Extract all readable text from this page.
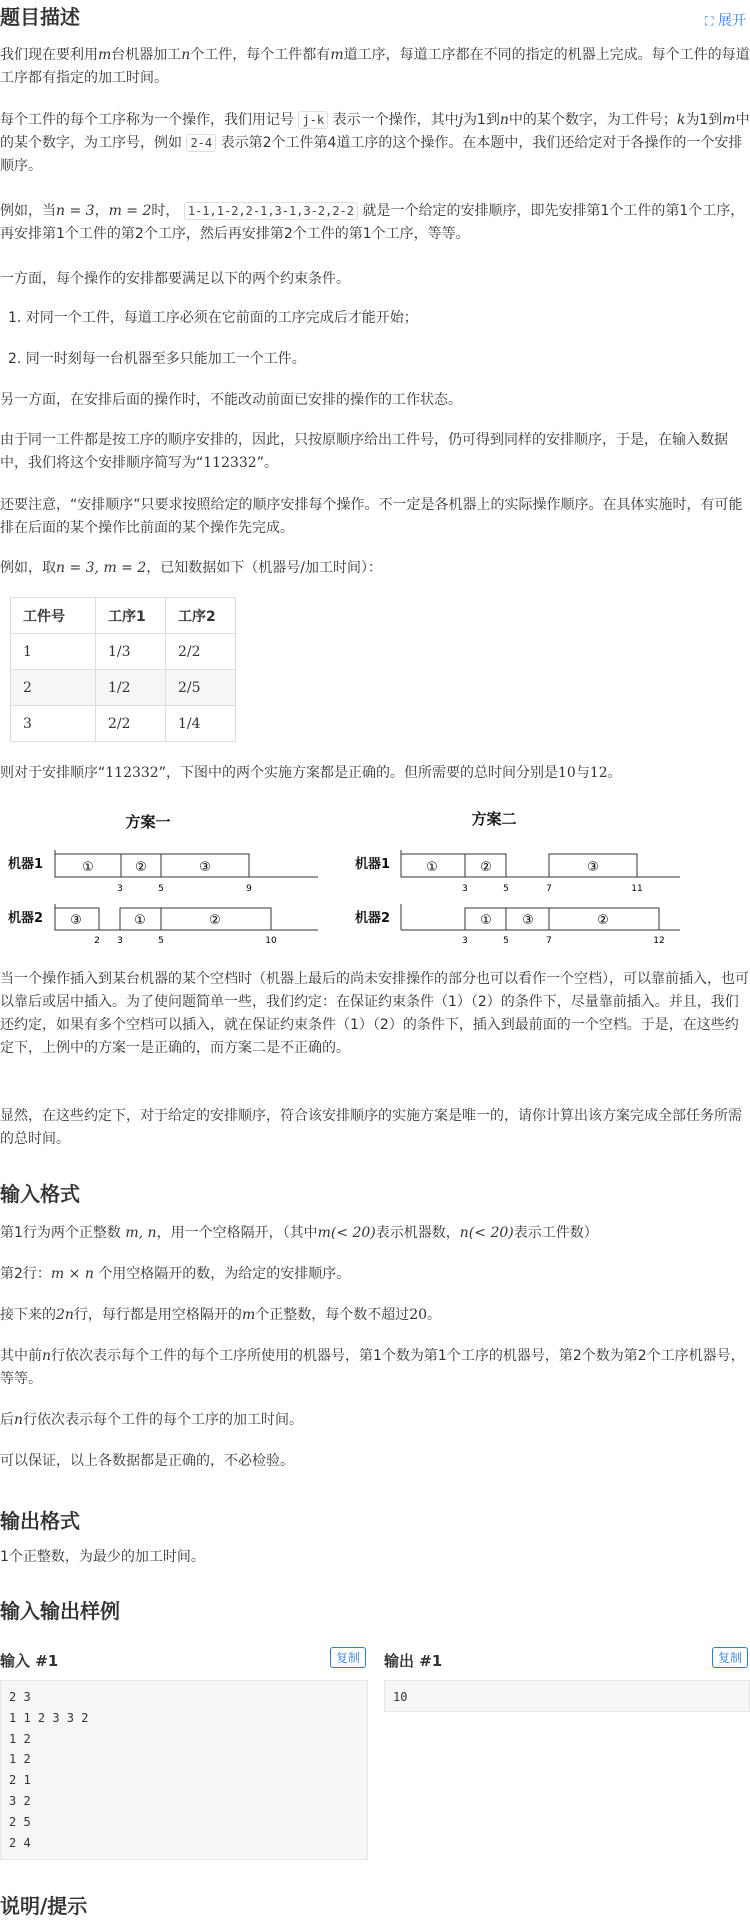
题目描述	⛶ 展开

我们现在要利用m台机器加工n个工件，每个工件都有m道工序，每道工序都在不同的指定的机器上完成。每个工件的每道工序都有指定的加工时间。

每个工件的每个工序称为一个操作，我们用记号 j-k 表示一个操作，其中j为1到n中的某个数字，为工件号；k为1到m中的某个数字，为工序号，例如 2-4 表示第2个工件第4道工序的这个操作。在本题中，我们还给定对于各操作的一个安排顺序。

例如，当n = 3，m = 2时， 1-1,1-2,2-1,3-1,3-2,2-2 就是一个给定的安排顺序，即先安排第1个工件的第1个工序，再安排第1个工件的第2个工序，然后再安排第2个工件的第1个工序，等等。

一方面，每个操作的安排都要满足以下的两个约束条件。

1. 对同一个工件，每道工序必须在它前面的工序完成后才能开始；

2. 同一时刻每一台机器至多只能加工一个工件。

另一方面，在安排后面的操作时，不能改动前面已安排的操作的工作状态。

由于同一工件都是按工序的顺序安排的，因此，只按原顺序给出工件号，仍可得到同样的安排顺序，于是，在输入数据中，我们将这个安排顺序简写为“112332”。

还要注意，“安排顺序”只要求按照给定的顺序安排每个操作。不一定是各机器上的实际操作顺序。在具体实施时，有可能排在后面的某个操作比前面的某个操作先完成。

例如，取n = 3, m = 2，已知数据如下（机器号/加工时间）：

工件号	工序1	工序2
1	1/3	2/2
2	1/2	2/5
3	2/2	1/4

则对于安排顺序“112332”，下图中的两个实施方案都是正确的。但所需要的总时间分别是10与12。

方案一
机器1	①	②	③
3	5	9
机器2 ③	①	②
2 3	5	10
方案二
机器1	①	②	③
3	5	7	11
机器2	① ③	②
3	5	7	12

当一个操作插入到某台机器的某个空档时（机器上最后的尚未安排操作的部分也可以看作一个空档），可以靠前插入，也可以靠后或居中插入。为了使问题简单一些，我们约定：在保证约束条件（1）（2）的条件下，尽量靠前插入。并且，我们还约定，如果有多个空档可以插入，就在保证约束条件（1）（2）的条件下，插入到最前面的一个空档。于是，在这些约定下，上例中的方案一是正确的，而方案二是不正确的。

显然，在这些约定下，对于给定的安排顺序，符合该安排顺序的实施方案是唯一的，请你计算出该方案完成全部任务所需的总时间。

输入格式

第1行为两个正整数 m, n，用一个空格隔开，（其中m(< 20)表示机器数，n(< 20)表示工件数）

第2行：m × n 个用空格隔开的数，为给定的安排顺序。

接下来的2n行，每行都是用空格隔开的m个正整数，每个数不超过20。

其中前n行依次表示每个工件的每个工序所使用的机器号，第1个数为第1个工序的机器号，第2个数为第2个工序机器号，等等。

后n行依次表示每个工件的每个工序的加工时间。

可以保证，以上各数据都是正确的，不必检验。

输出格式

1个正整数，为最少的加工时间。

输入输出样例
输入 #1	复制
2 3
1 1 2 3 3 2
1 2
1 2
2 1
3 2
2 5
2 4
输出 #1	复制
10
说明/提示
